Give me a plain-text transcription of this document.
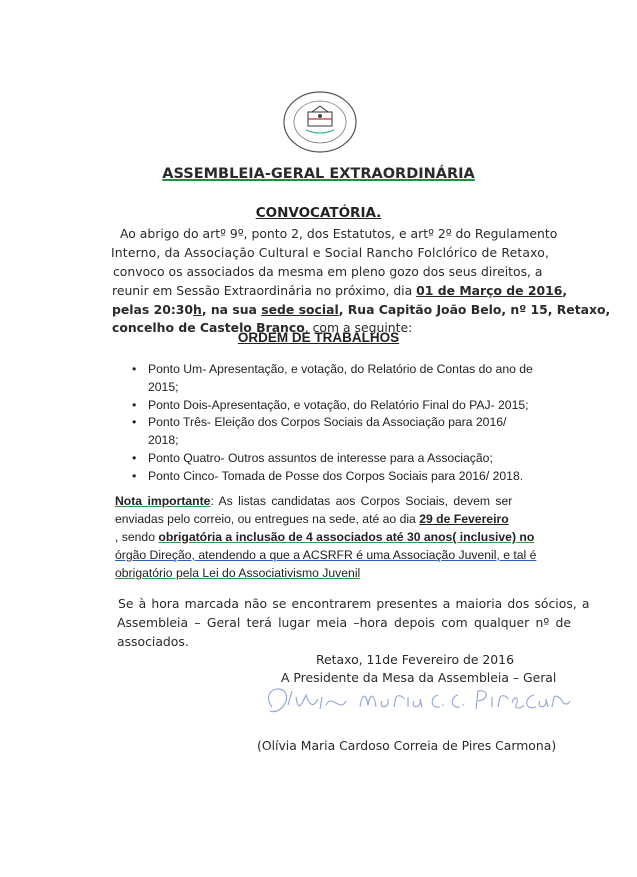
ASSEMBLEIA-GERAL EXTRAORDINÁRIA
CONVOCATÓRIA.
Ao abrigo do artº 9º, ponto 2, dos Estatutos, e artº 2º do Regulamento
Interno, da Associação Cultural e Social Rancho Folclórico de Retaxo,
convoco os associados da mesma em pleno gozo dos seus direitos, a
reunir em Sessão Extraordinária no próximo, dia 01 de Março de 2016,
pelas 20:30h, na sua sede social, Rua Capitão João Belo, nº 15, Retaxo,
concelho de Castelo Branco, com a seguinte:
ORDEM DE TRABALHOS
• Ponto Um- Apresentação, e votação, do Relatório de Contas do ano de
2015;
• Ponto Dois-Apresentação, e votação, do Relatório Final do PAJ- 2015;
• Ponto Três- Eleição dos Corpos Sociais da Associação para 2016/
2018;
• Ponto Quatro- Outros assuntos de interesse para a Associação;
• Ponto Cinco- Tomada de Posse dos Corpos Sociais para 2016/ 2018.
Nota importante: As listas candidatas aos Corpos Sociais, devem ser
enviadas pelo correio, ou entregues na sede, até ao dia 29 de Fevereiro
, sendo obrigatória a inclusão de 4 associados até 30 anos( inclusive) no
órgão Direção, atendendo a que a ACSRFR é uma Associação Juvenil, e tal é
obrigatório pela Lei do Associativismo Juvenil
Se à hora marcada não se encontrarem presentes a maioria dos sócios, a
Assembleia – Geral terá lugar meia –hora depois com qualquer nº de
associados.
Retaxo, 11de Fevereiro de 2016
A Presidente da Mesa da Assembleia – Geral
(Olívia Maria Cardoso Correia de Pires Carmona)
